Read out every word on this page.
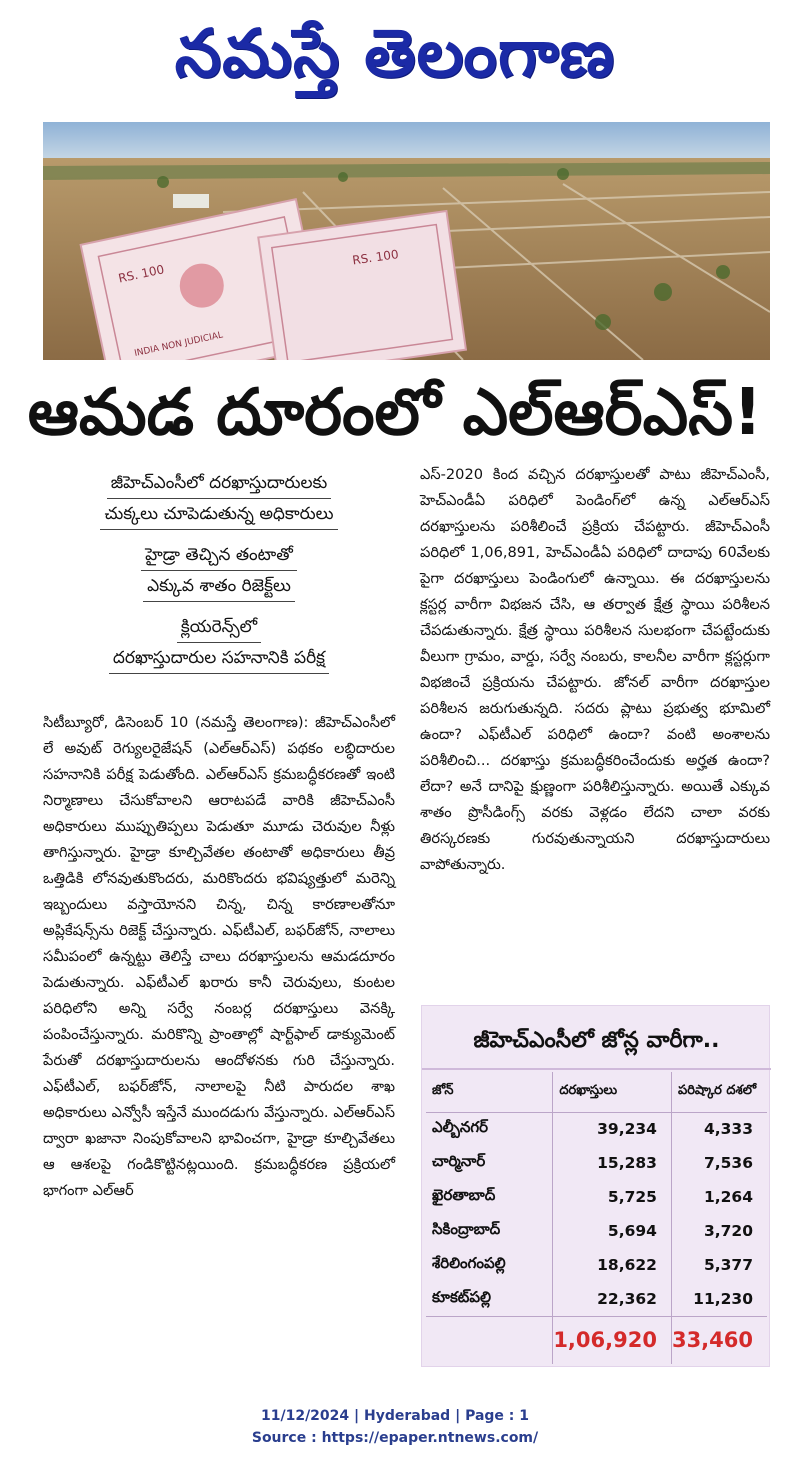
నమస్తే తెలంగాణ
RS. 100
INDIA NON JUDICIAL
RS. 100
ఆమడ దూరంలో ఎల్‌ఆర్‌ఎస్‌!
జీహెచ్‌ఎంసీలో దరఖాస్తుదారులకు
చుక్కలు చూపెడుతున్న అధికారులు
హైడ్రా తెచ్చిన తంటాతో
ఎక్కువ శాతం రిజెక్ట్‌లు
క్లియరెన్స్‌లో
దరఖాస్తుదారుల సహనానికి పరీక్ష
సిటీబ్యూరో, డిసెంబర్‌ 10 (నమస్తే తెలంగాణ): జీహెచ్‌ఎంసీలో లే అవుట్‌ రెగ్యులరైజేషన్‌ (ఎల్‌ఆర్‌ఎస్‌) పథకం లబ్ధిదారుల సహనానికి పరీక్ష పెడుతోంది. ఎల్‌ఆర్‌ఎస్‌ క్రమబద్ధీకరణతో ఇంటి నిర్మాణాలు చేసుకోవాలని ఆరాటపడే వారికి జీహెచ్‌ఎంసీ అధికారులు ముప్పుతిప్పలు పెడుతూ మూడు చెరువుల నీళ్లు తాగిస్తున్నారు. హైడ్రా కూల్చివేతల తంటాతో అధికారులు తీవ్ర ఒత్తిడికి లోనవుతుకొందరు, మరికొందరు భవిష్యత్తులో మరెన్ని ఇబ్బందులు వస్తాయోనని చిన్న, చిన్న కారణాలతోనూ అప్లికేషన్స్‌ను రిజెక్ట్‌ చేస్తున్నారు. ఎఫ్‌టీఎల్‌, బఫర్‌జోన్‌, నాలాలు సమీపంలో ఉన్నట్టు తెలిస్తే చాలు దరఖాస్తులను ఆమడదూరం పెడుతున్నారు. ఎఫ్‌టీఎల్‌ ఖరారు కానీ చెరువులు, కుంటల పరిధిలోని అన్ని సర్వే నంబర్ల దరఖాస్తులు వెనక్కి పంపించేస్తున్నారు. మరికొన్ని ప్రాంతాల్లో షార్ట్‌ఫాల్‌ డాక్యుమెంట్‌ పేరుతో దరఖాస్తుదారులను ఆందోళనకు గురి చేస్తున్నారు. ఎఫ్‌టీఎల్‌, బఫర్‌జోన్‌, నాలాలపై నీటి పారుదల శాఖ అధికారులు ఎన్వోసీ ఇస్తేనే ముందడుగు వేస్తున్నారు. ఎల్‌ఆర్‌ఎస్‌ ద్వారా ఖజానా నింపుకోవాలని భావించగా, హైడ్రా కూల్చివేతలు ఆ ఆశలపై గండికొట్టినట్లయింది. క్రమబద్ధీకరణ ప్రక్రియలో భాగంగా ఎల్‌ఆర్‌
ఎస్‌-2020 కింద వచ్చిన దరఖాస్తులతో పాటు జీహెచ్‌ఎంసీ, హెచ్‌ఎండీఏ పరిధిలో పెండింగ్‌లో ఉన్న ఎల్‌ఆర్‌ఎస్‌ దరఖాస్తులను పరిశీలించే ప్రక్రియ చేపట్టారు. జీహెచ్‌ఎంసీ పరిధిలో 1,06,891, హెచ్‌ఎండీఏ పరిధిలో దాదాపు 60వేలకు పైగా దరఖాస్తులు పెండింగులో ఉన్నాయి. ఈ దరఖాస్తులను క్లస్టర్ల వారీగా విభజన చేసి, ఆ తర్వాత క్షేత్ర స్థాయి పరిశీలన చేపడుతున్నారు. క్షేత్ర స్థాయి పరిశీలన సులభంగా చేపట్టేందుకు వీలుగా గ్రామం, వార్డు, సర్వే నంబరు, కాలనీల వారీగా క్లస్టర్లుగా విభజించే ప్రక్రియను చేపట్టారు. జోనల్‌ వారీగా దరఖాస్తుల పరిశీలన జరుగుతున్నది. సదరు ప్లాటు ప్రభుత్వ భూమిలో ఉందా? ఎఫ్‌టీఎల్‌ పరిధిలో ఉందా? వంటి అంశాలను పరిశీలించి... దరఖాస్తు క్రమబద్ధీకరించేందుకు అర్హత ఉందా? లేదా? అనే దానిపై క్షుణ్ణంగా పరిశీలిస్తున్నారు. అయితే ఎక్కువ శాతం ప్రొసీడింగ్స్‌ వరకు వెళ్లడం లేదని చాలా వరకు తిరస్కరణకు గురవుతున్నాయని దరఖాస్తుదారులు వాపోతున్నారు.
జీహెచ్‌ఎంసీలో జోన్ల వారీగా..
జోన్‌	దరఖాస్తులు	పరిష్కార దశలో
ఎల్బీనగర్‌	39,234	4,333
చార్మినార్‌	15,283	7,536
ఖైరతాబాద్‌	5,725	1,264
సికింద్రాబాద్‌	5,694	3,720
శేరిలింగంపల్లి	18,622	5,377
కూకట్‌పల్లి	22,362	11,230
	1,06,920	33,460
11/12/2024 | Hyderabad | Page : 1
Source : https://epaper.ntnews.com/
